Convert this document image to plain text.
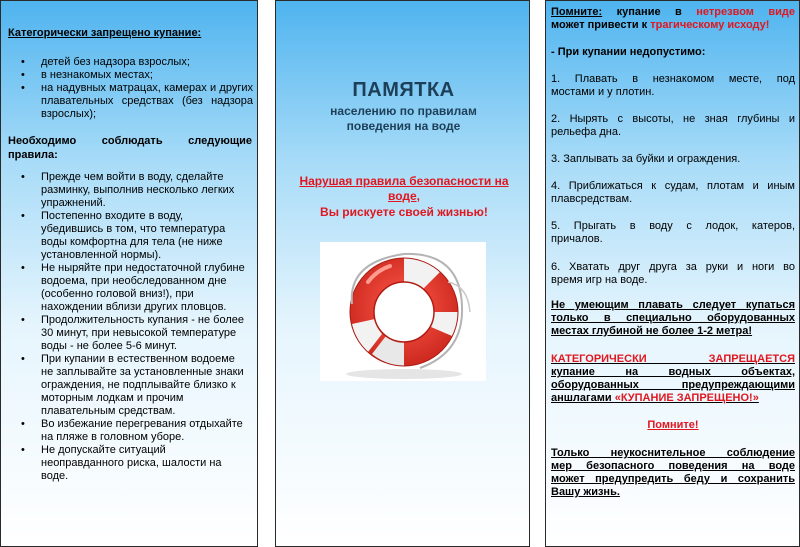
Категорически запрещено купание:
• детей без надзора взрослых;
• в незнакомых местах;
• на надувных матрацах, камерах и других плавательных средствах (без надзора взрослых);
Необходимо соблюдать следующие
правила:
• Прежде чем войти в воду, сделайте разминку, выполнив несколько легких упражнений.
• Постепенно входите в воду, убедившись в том, что температура воды комфортна для тела (не ниже установленной нормы).
• Не ныряйте при недостаточной глубине водоема, при необследованном дне (особенно головой вниз!), при нахождении вблизи других пловцов.
• Продолжительность купания - не более 30 минут, при невысокой температуре воды - не более 5-6 минут.
• При купании в естественном водоеме не заплывайте за установленные знаки ограждения, не подплывайте близко к моторным лодкам и прочим плавательным средствам.
• Во избежание перегревания отдыхайте на пляже в головном уборе.
• Не допускайте ситуаций неоправданного риска, шалости на воде.
ПАМЯТКА
населению по правилам
поведения на воде
Нарушая правила безопасности на
воде,
Вы рискуете своей жизнью!
Помните: купание в нетрезвом виде
может привести к трагическому исходу!
- При купании недопустимо:
1. Плавать в незнакомом месте, под
мостами и у плотин.
2. Нырять с высоты, не зная глубины и
рельефа дна.
3. Заплывать за буйки и ограждения.
4. Приближаться к судам, плотам и иным
плавсредствам.
5. Прыгать в воду с лодок, катеров,
причалов.
6. Хватать друг друга за руки и ноги во
время игр на воде.
Не умеющим плавать следует купаться
только в специально оборудованных
местах глубиной не более 1-2 метра!
КАТЕГОРИЧЕСКИ ЗАПРЕЩАЕТСЯ
купание на водных объектах,
оборудованных предупреждающими
аншлагами «КУПАНИЕ ЗАПРЕЩЕНО!»
Помните!
Только неукоснительное соблюдение
мер безопасного поведения на воде
может предупредить беду и сохранить
Вашу жизнь.
